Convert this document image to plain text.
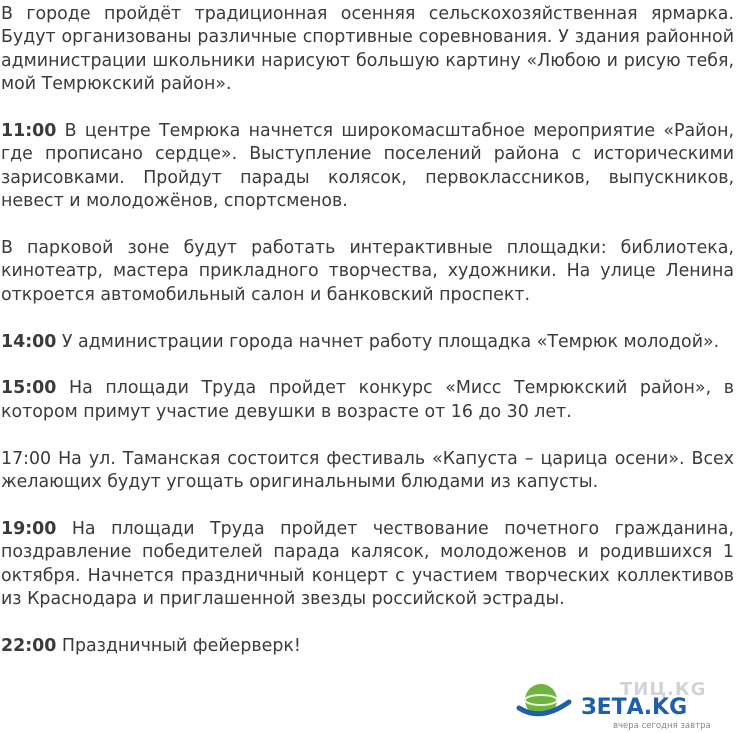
В городе пройдёт традиционная осенняя сельскохозяйственная ярмарка. Будут организованы различные спортивные соревнования. У здания районной администрации школьники нарисуют большую картину «Любою и рисую тебя, мой Темрюкский район».

11:00 В центре Темрюка начнется широкомасштабное мероприятие «Район, где прописано сердце». Выступление поселений района с историческими зарисовками. Пройдут парады колясок, первоклассников, выпускников, невест и молодожёнов, спортсменов.

В парковой зоне будут работать интерактивные площадки: библиотека, кинотеатр, мастера прикладного творчества, художники. На улице Ленина откроется автомобильный салон и банковский проспект.

14:00 У администрации города начнет работу площадка «Темрюк молодой».

15:00 На площади Труда пройдет конкурс «Мисс Темрюкский район», в котором примут участие девушки в возрасте от 16 до 30 лет.

17:00 На ул. Таманская состоится фестиваль «Капуста – царица осени». Всех желающих будут угощать оригинальными блюдами из капусты.

19:00 На площади Труда пройдет чествование почетного гражданина, поздравление победителей парада калясок, молодоженов и родившихся 1 октября. Начнется праздничный концерт с участием творческих коллективов из Краснодара и приглашенной звезды российской эстрады.

22:00 Праздничный фейерверк!

ЗЕТА.KG
вчера сегодня завтра
ТИЦ.КG
